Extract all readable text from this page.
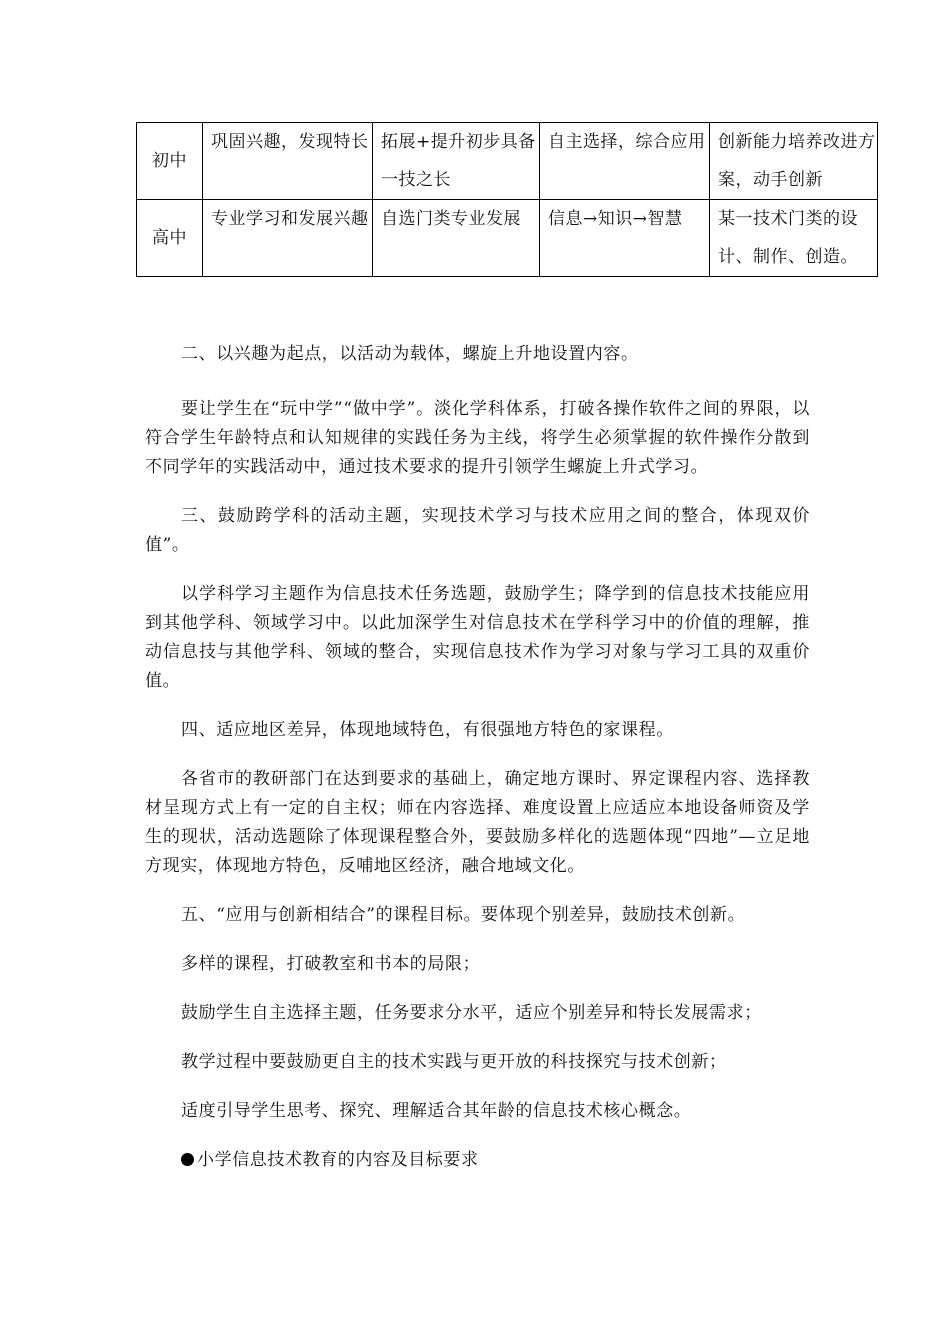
初中	巩固兴趣，发现特长	拓展+提升初步具备一技之长	自主选择，综合应用	创新能力培养改进方案，动手创新
高中	专业学习和发展兴趣	自选门类专业发展	信息→知识→智慧	某一技术门类的设计、制作、创造。

二、以兴趣为起点，以活动为载体，螺旋上升地设置内容。

要让学生在“玩中学”“做中学”。淡化学科体系，打破各操作软件之间的界限，以符合学生年龄特点和认知规律的实践任务为主线，将学生必须掌握的软件操作分散到不同学年的实践活动中，通过技术要求的提升引领学生螺旋上升式学习。

三、鼓励跨学科的活动主题，实现技术学习与技术应用之间的整合，体现双价值”。

以学科学习主题作为信息技术任务选题，鼓励学生；降学到的信息技术技能应用到其他学科、领域学习中。以此加深学生对信息技术在学科学习中的价值的理解，推动信息技与其他学科、领域的整合，实现信息技术作为学习对象与学习工具的双重价值。

四、适应地区差异，体现地域特色，有很强地方特色的家课程。

各省市的教研部门在达到要求的基础上，确定地方课时、界定课程内容、选择教材呈现方式上有一定的自主权；师在内容选择、难度设置上应适应本地设备师资及学生的现状，活动选题除了体现课程整合外，要鼓励多样化的选题体现“四地”—立足地方现实，体现地方特色，反哺地区经济，融合地域文化。

五、“应用与创新相结合”的课程目标。要体现个别差异，鼓励技术创新。

多样的课程，打破教室和书本的局限；

鼓励学生自主选择主题，任务要求分水平，适应个别差异和特长发展需求；

教学过程中要鼓励更自主的技术实践与更开放的科技探究与技术创新；

适度引导学生思考、探究、理解适合其年龄的信息技术核心概念。

小学信息技术教育的内容及目标要求
